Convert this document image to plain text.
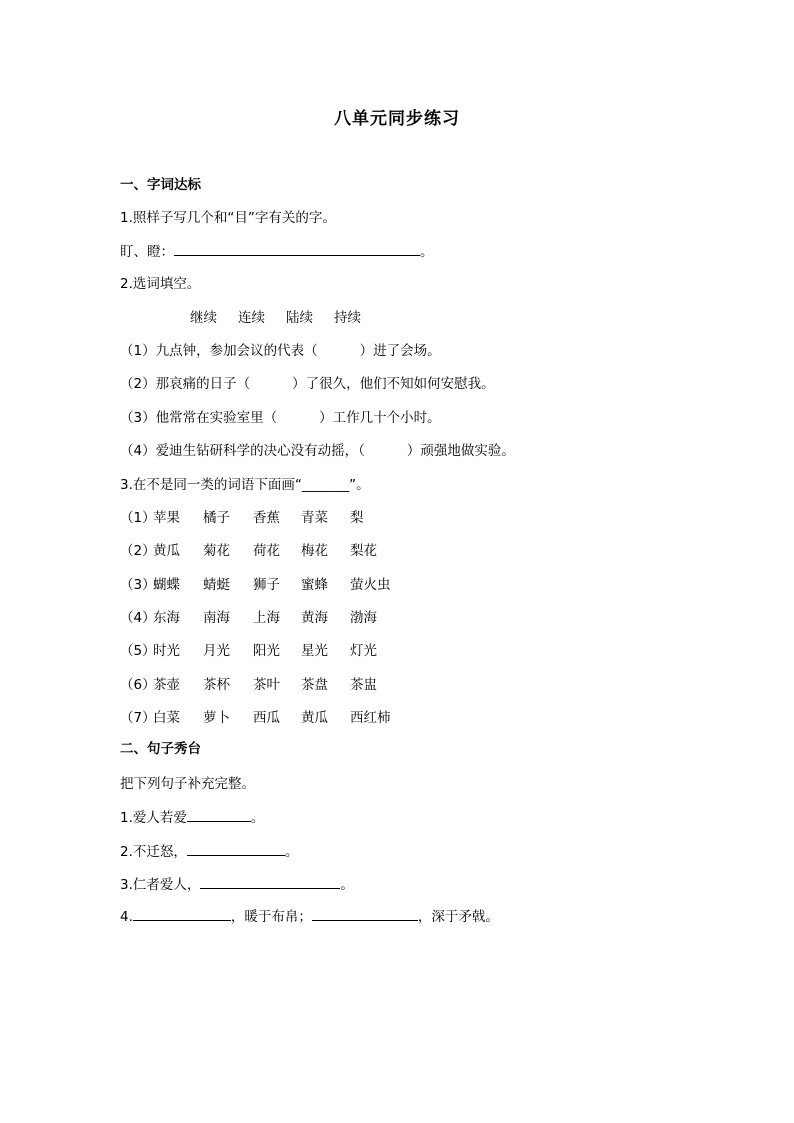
八单元同步练习
一、字词达标
1.照样子写几个和“目”字有关的字。
盯、瞪：	。
2.选词填空。
继续 连续 陆续 持续
（1）九点钟，参加会议的代表（	）进了会场。
（2）那哀痛的日子（	）了很久，他们不知如何安慰我。
（3）他常常在实验室里（	）工作几十个小时。
（4）爱迪生钻研科学的决心没有动摇，（	）顽强地做实验。
3.在不是同一类的词语下面画“_______”。
（1）
苹果 橘子 香蕉 青菜 梨
（2）
黄瓜 菊花 荷花 梅花 梨花
（3）
蝴蝶 蜻蜓 狮子 蜜蜂 萤火虫
（4）
东海 南海 上海 黄海 渤海
（5）
时光 月光 阳光 星光 灯光
（6）
茶壶 茶杯 茶叶 茶盘 茶盅
（7）
白菜 萝卜 西瓜 黄瓜 西红柿
二、句子秀台
把下列句子补充完整。
1.爱人若爱	。
2.不迁怒，	。
3.仁者爱人，	。
4.	，暖于布帛；	，深于矛戟。
